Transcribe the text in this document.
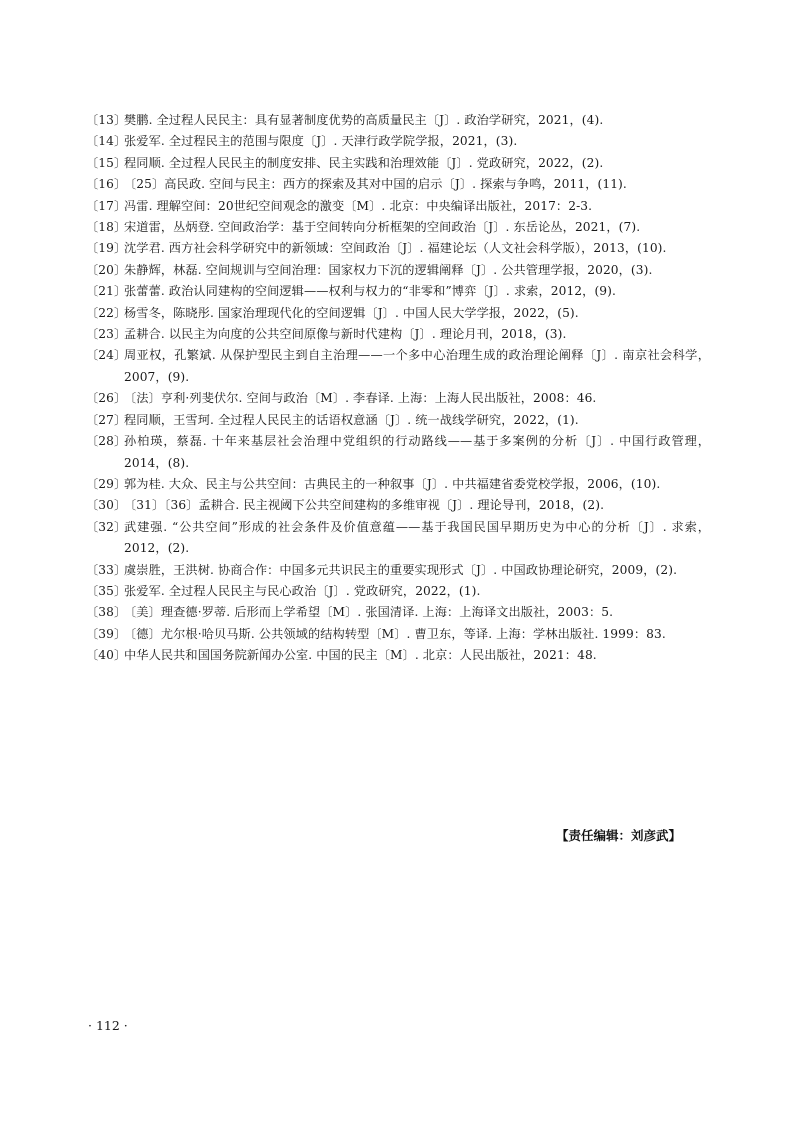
〔13〕
樊鹏. 全过程人民民主：具有显著制度优势的高质量民主〔J〕. 政治学研究，2021，(4).
〔14〕
张爱军. 全过程民主的范围与限度〔J〕. 天津行政学院学报，2021，(3).
〔15〕
程同顺. 全过程人民民主的制度安排、民主实践和治理效能〔J〕. 党政研究，2022，(2).
〔16〕
〔25〕高民政. 空间与民主：西方的探索及其对中国的启示〔J〕. 探索与争鸣，2011，(11).
〔17〕
冯雷. 理解空间：20世纪空间观念的激变〔M〕. 北京：中央编译出版社，2017：2-3.
〔18〕
宋道雷，丛炳登. 空间政治学：基于空间转向分析框架的空间政治〔J〕. 东岳论丛，2021，(7).
〔19〕
沈学君. 西方社会科学研究中的新领域：空间政治〔J〕. 福建论坛（人文社会科学版），2013，(10).
〔20〕
朱静辉，林磊. 空间规训与空间治理：国家权力下沉的逻辑阐释〔J〕. 公共管理学报，2020，(3).
〔21〕
张蕾蕾. 政治认同建构的空间逻辑——权利与权力的“非零和”博弈〔J〕. 求索，2012，(9).
〔22〕
杨雪冬，陈晓彤. 国家治理现代化的空间逻辑〔J〕. 中国人民大学学报，2022，(5).
〔23〕
孟耕合. 以民主为向度的公共空间原像与新时代建构〔J〕. 理论月刊，2018，(3).
〔24〕
周亚权，孔繁斌. 从保护型民主到自主治理——一个多中心治理生成的政治理论阐释〔J〕. 南京社会科学，2007，(9).
〔26〕
〔法〕亨利·列斐伏尔. 空间与政治〔M〕. 李春译. 上海：上海人民出版社，2008：46.
〔27〕
程同顺，王雪珂. 全过程人民民主的话语权意涵〔J〕. 统一战线学研究，2022，(1).
〔28〕
孙柏瑛，蔡磊. 十年来基层社会治理中党组织的行动路线——基于多案例的分析〔J〕. 中国行政管理，2014，(8).
〔29〕
郭为桂. 大众、民主与公共空间：古典民主的一种叙事〔J〕. 中共福建省委党校学报，2006，(10).
〔30〕
〔31〕〔36〕孟耕合. 民主视阈下公共空间建构的多维审视〔J〕. 理论导刊，2018，(2).
〔32〕
武建强. “公共空间”形成的社会条件及价值意蕴——基于我国民国早期历史为中心的分析〔J〕. 求索，2012，(2).
〔33〕
虞崇胜，王洪树. 协商合作：中国多元共识民主的重要实现形式〔J〕. 中国政协理论研究，2009，(2).
〔35〕
张爱军. 全过程人民民主与民心政治〔J〕. 党政研究，2022，(1).
〔38〕
〔美〕理查德·罗蒂. 后形而上学希望〔M〕. 张国清译. 上海：上海译文出版社，2003：5.
〔39〕
〔德〕尤尔根·哈贝马斯. 公共领域的结构转型〔M〕. 曹卫东，等译. 上海：学林出版社. 1999：83.
〔40〕
中华人民共和国国务院新闻办公室. 中国的民主〔M〕. 北京：人民出版社，2021：48.
【责任编辑：刘彦武】
· 112 ·
